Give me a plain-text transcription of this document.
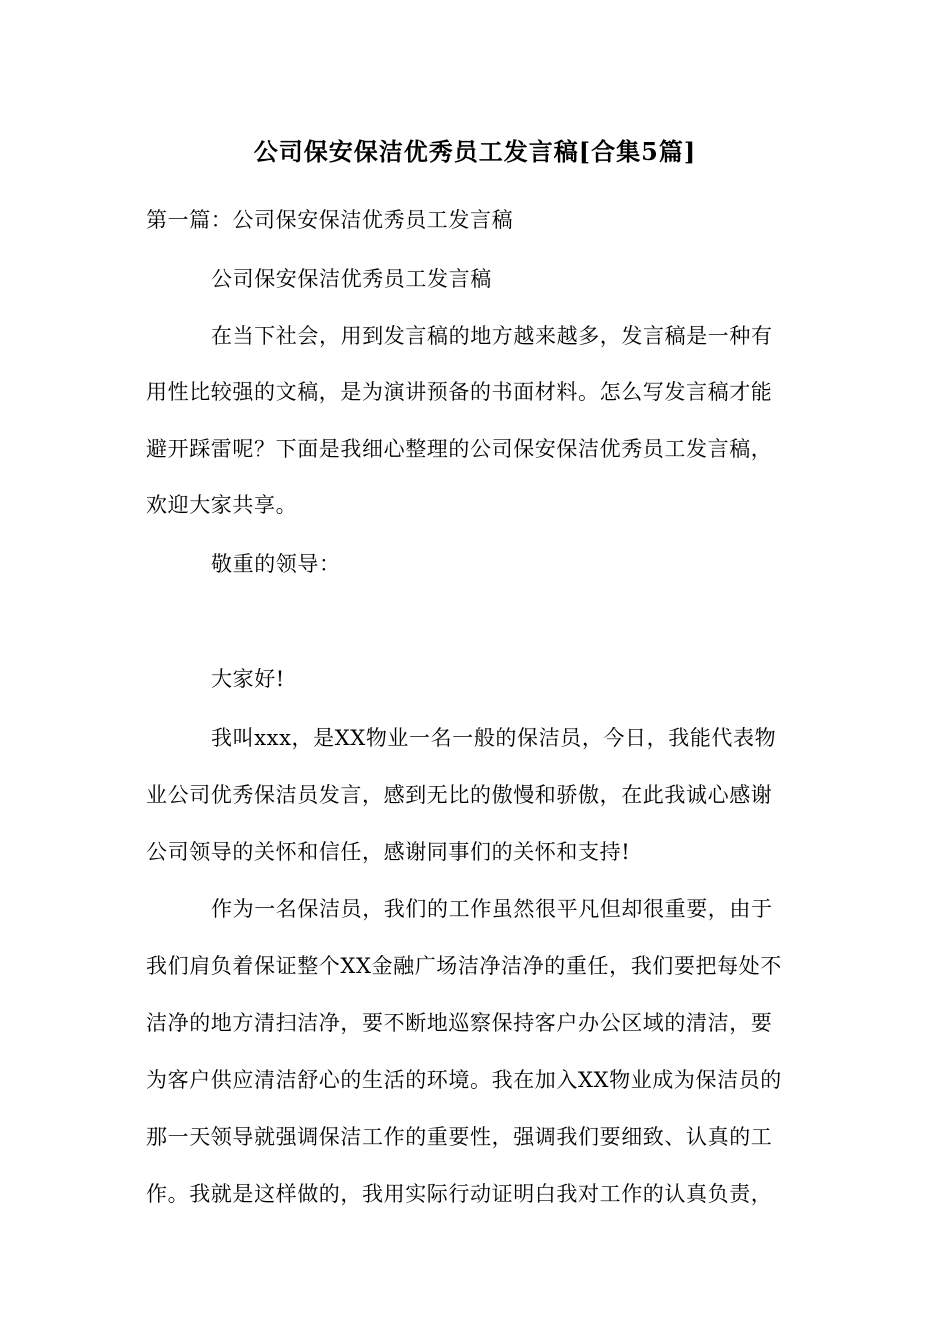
公司保安保洁优秀员工发言稿[合集5篇]
第一篇：公司保安保洁优秀员工发言稿
公司保安保洁优秀员工发言稿
在当下社会，用到发言稿的地方越来越多，发言稿是一种有
用性比较强的文稿，是为演讲预备的书面材料。怎么写发言稿才能
避开踩雷呢？下面是我细心整理的公司保安保洁优秀员工发言稿，
欢迎大家共享。
敬重的领导：
大家好!
我叫xxx，是XX物业一名一般的保洁员，今日，我能代表物
业公司优秀保洁员发言，感到无比的傲慢和骄傲，在此我诚心感谢
公司领导的关怀和信任，感谢同事们的关怀和支持!
作为一名保洁员，我们的工作虽然很平凡但却很重要，由于
我们肩负着保证整个XX金融广场洁净洁净的重任，我们要把每处不
洁净的地方清扫洁净，要不断地巡察保持客户办公区域的清洁，要
为客户供应清洁舒心的生活的环境。我在加入XX物业成为保洁员的
那一天领导就强调保洁工作的重要性，强调我们要细致、认真的工
作。我就是这样做的，我用实际行动证明白我对工作的认真负责，
